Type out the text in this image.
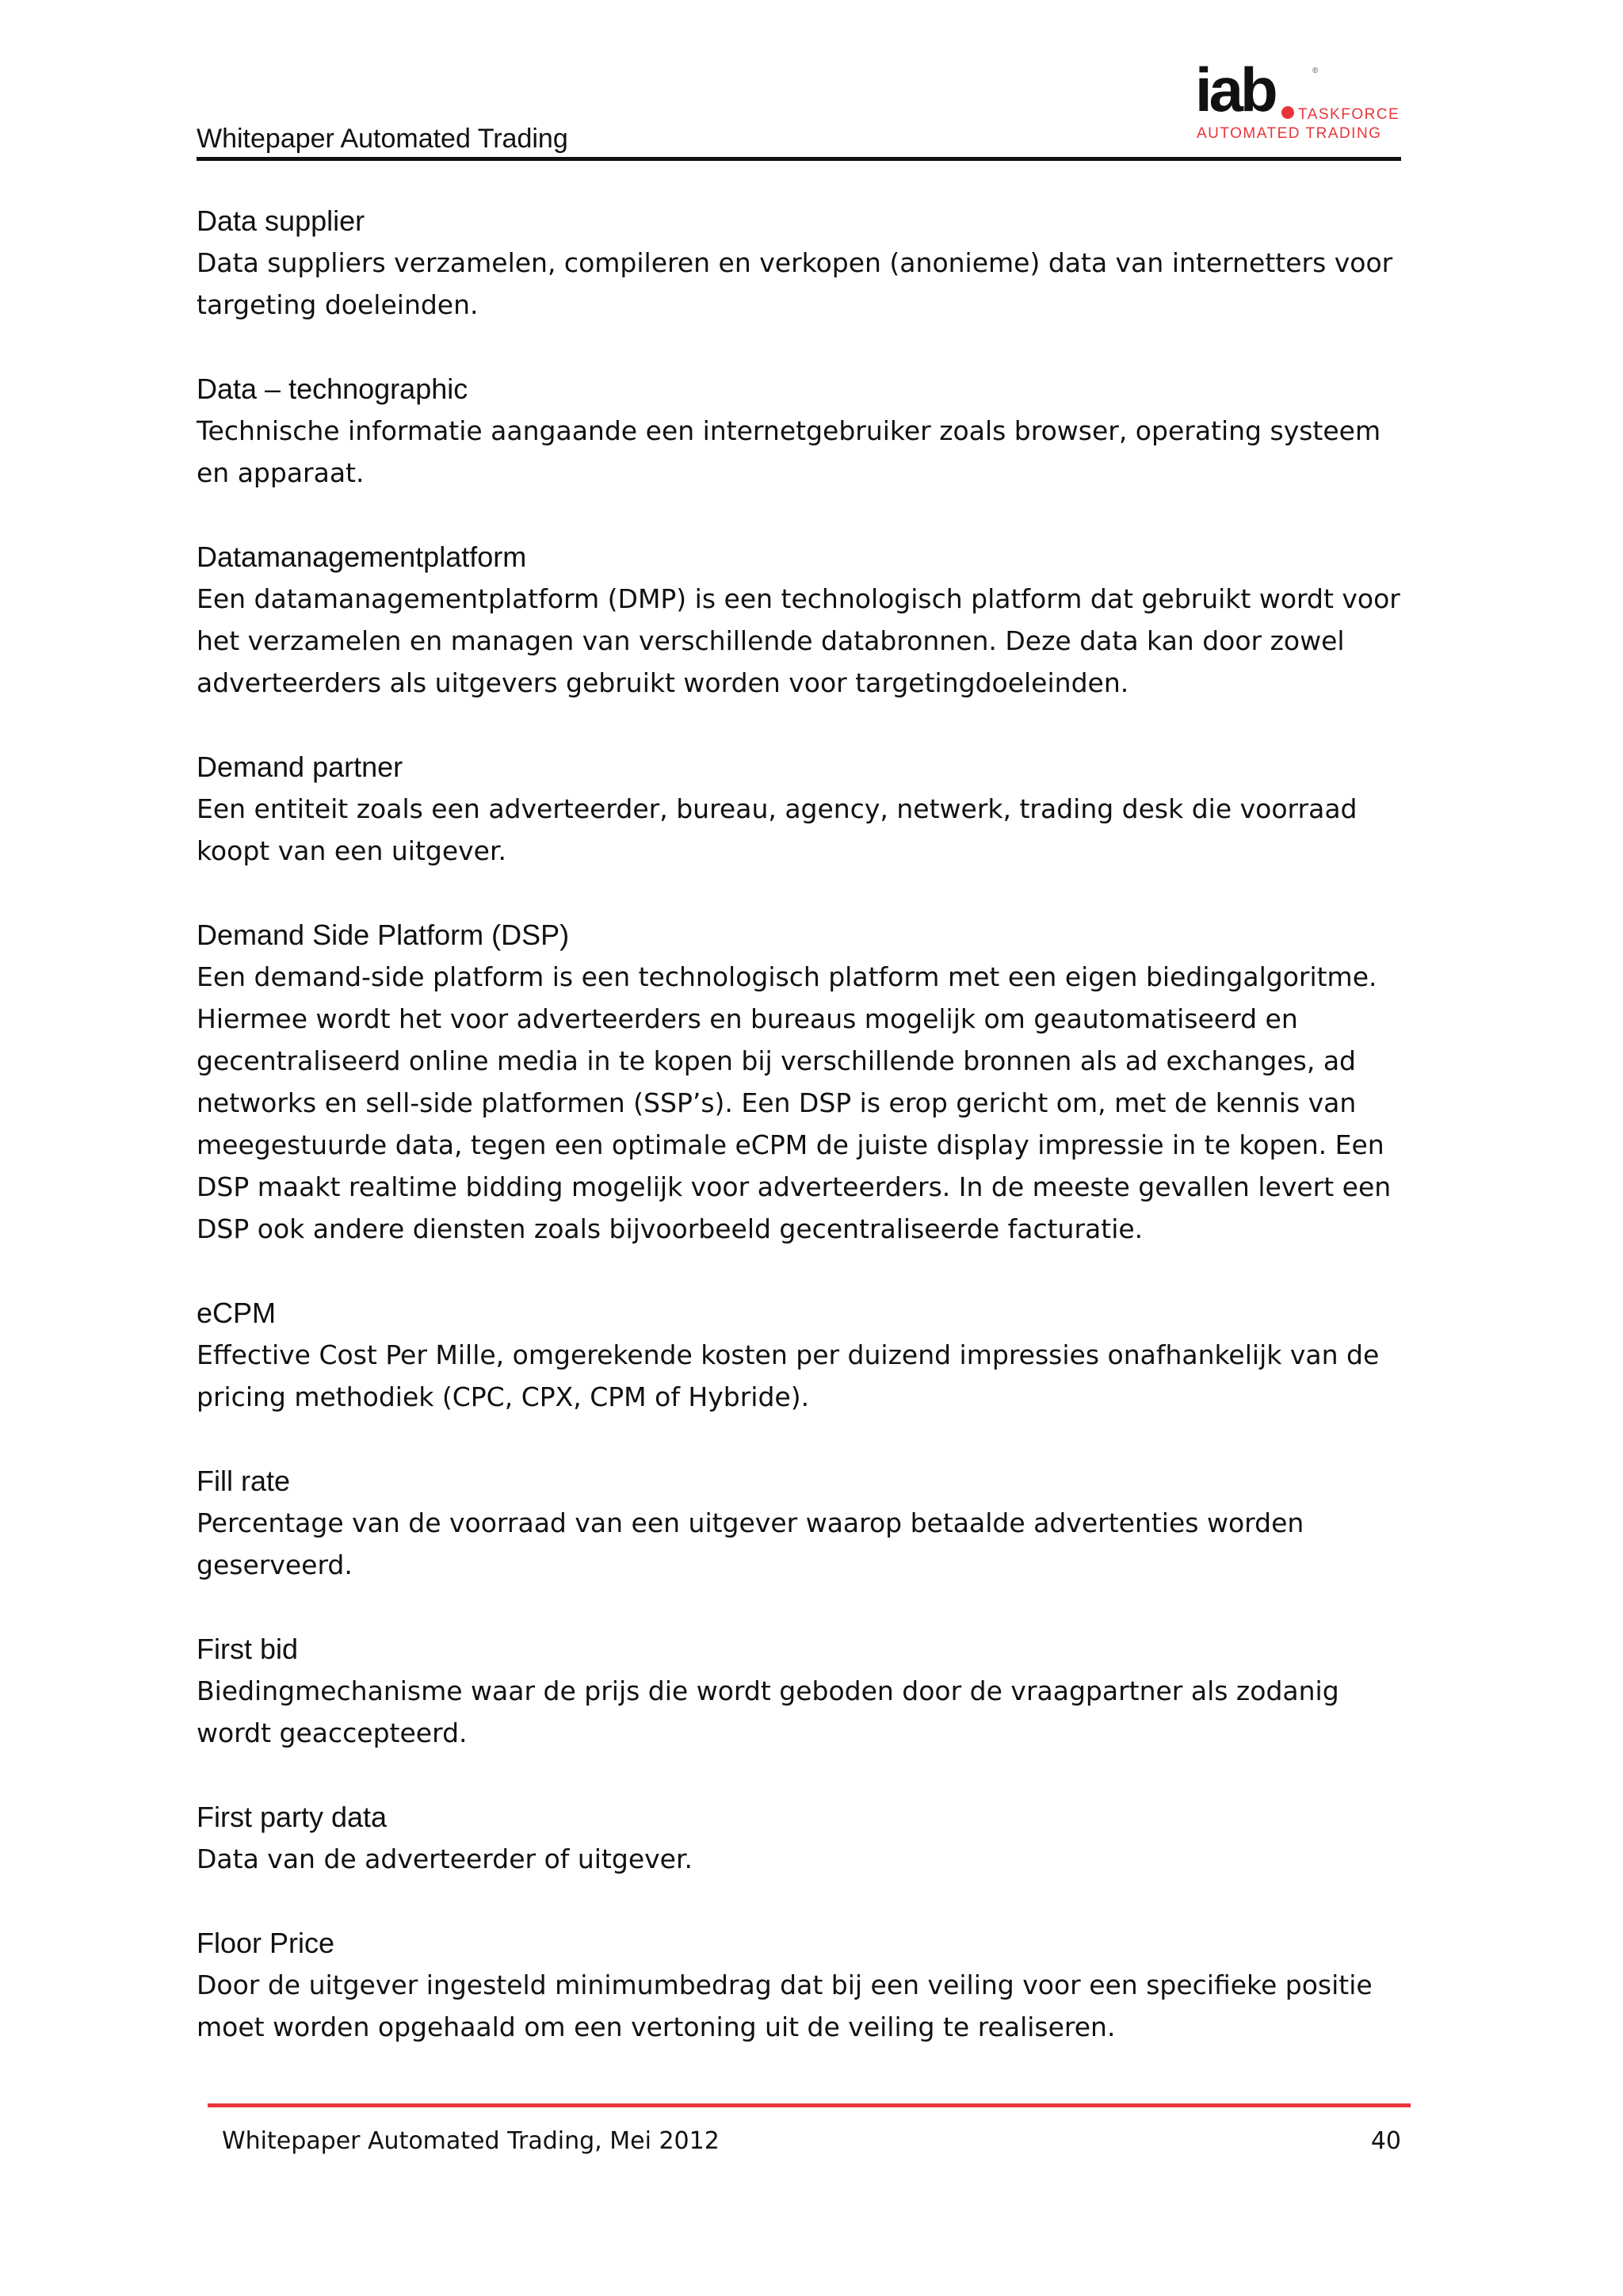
Whitepaper Automated Trading
iab	®
TASKFORCE
AUTOMATED TRADING
Data supplier
Data suppliers verzamelen, compileren en verkopen (anonieme) data van internetters voor
targeting doeleinden.
Data – technographic
Technische informatie aangaande een internetgebruiker zoals browser, operating systeem
en apparaat.
Datamanagementplatform
Een datamanagementplatform (DMP) is een technologisch platform dat gebruikt wordt voor
het verzamelen en managen van verschillende databronnen. Deze data kan door zowel
adverteerders als uitgevers gebruikt worden voor targetingdoeleinden.
Demand partner
Een entiteit zoals een adverteerder, bureau, agency, netwerk, trading desk die voorraad
koopt van een uitgever.
Demand Side Platform (DSP)
Een demand-side platform is een technologisch platform met een eigen biedingalgoritme.
Hiermee wordt het voor adverteerders en bureaus mogelijk om geautomatiseerd en
gecentraliseerd online media in te kopen bij verschillende bronnen als ad exchanges, ad
networks en sell-side platformen (SSP’s). Een DSP is erop gericht om, met de kennis van
meegestuurde data, tegen een optimale eCPM de juiste display impressie in te kopen. Een
DSP maakt realtime bidding mogelijk voor adverteerders. In de meeste gevallen levert een
DSP ook andere diensten zoals bijvoorbeeld gecentraliseerde facturatie.
eCPM
Effective Cost Per Mille, omgerekende kosten per duizend impressies onafhankelijk van de
pricing methodiek (CPC, CPX, CPM of Hybride).
Fill rate
Percentage van de voorraad van een uitgever waarop betaalde advertenties worden
geserveerd.
First bid
Biedingmechanisme waar de prijs die wordt geboden door de vraagpartner als zodanig
wordt geaccepteerd.
First party data
Data van de adverteerder of uitgever.
Floor Price
Door de uitgever ingesteld minimumbedrag dat bij een veiling voor een specifieke positie
moet worden opgehaald om een vertoning uit de veiling te realiseren.
Whitepaper Automated Trading, Mei 2012	40
